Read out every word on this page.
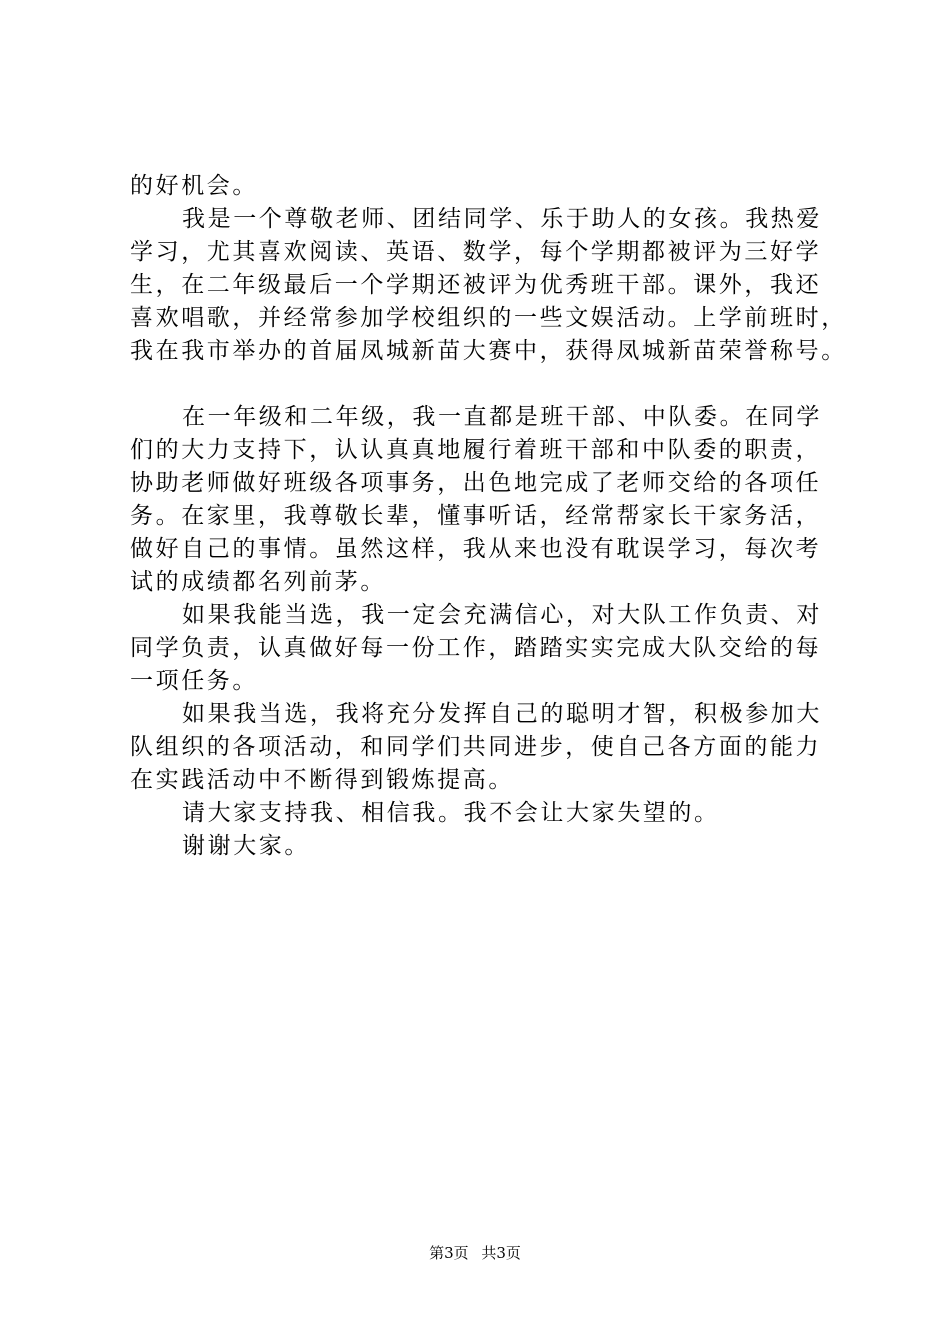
的好机会。
我是一个尊敬老师、团结同学、乐于助人的女孩。我热爱
学习，尤其喜欢阅读、英语、数学，每个学期都被评为三好学
生，在二年级最后一个学期还被评为优秀班干部。课外，我还
喜欢唱歌，并经常参加学校组织的一些文娱活动。上学前班时，
我在我市举办的首届凤城新苗大赛中，获得凤城新苗荣誉称号。
在一年级和二年级，我一直都是班干部、中队委。在同学
们的大力支持下，认认真真地履行着班干部和中队委的职责，
协助老师做好班级各项事务，出色地完成了老师交给的各项任
务。在家里，我尊敬长辈，懂事听话，经常帮家长干家务活，
做好自己的事情。虽然这样，我从来也没有耽误学习，每次考
试的成绩都名列前茅。
如果我能当选，我一定会充满信心，对大队工作负责、对
同学负责，认真做好每一份工作，踏踏实实完成大队交给的每
一项任务。
如果我当选，我将充分发挥自己的聪明才智，积极参加大
队组织的各项活动，和同学们共同进步，使自己各方面的能力
在实践活动中不断得到锻炼提高。
请大家支持我、相信我。我不会让大家失望的。
谢谢大家。
第3页 共3页
